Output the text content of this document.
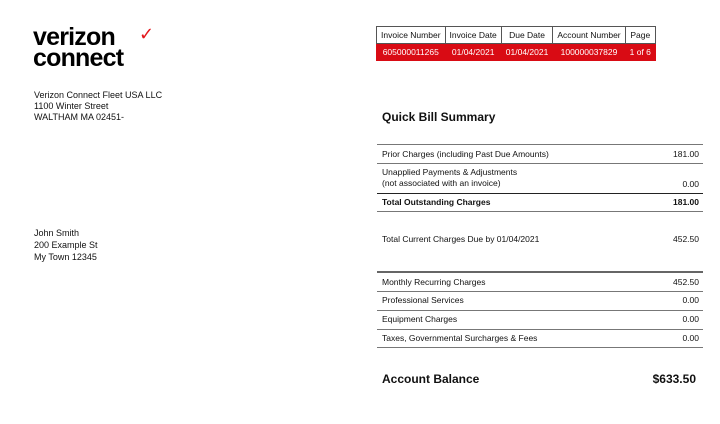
verizon	✓
connect
Verizon Connect Fleet USA LLC
1100 Winter Street
WALTHAM MA 02451-
John Smith
200 Example St
My Town 12345
Invoice Number	Invoice Date	Due Date	Account Number	Page
605000011265	01/04/2021	01/04/2021	100000037829	1 of 6
Quick Bill Summary
Prior Charges (including Past Due Amounts)	181.00
Unapplied Payments & Adjustments
(not associated with an invoice)	0.00
Total Outstanding Charges	181.00
Total Current Charges Due by 01/04/2021	452.50
Monthly Recurring Charges	452.50
Professional Services	0.00
Equipment Charges	0.00
Taxes, Governmental Surcharges & Fees	0.00
Account Balance	$633.50
